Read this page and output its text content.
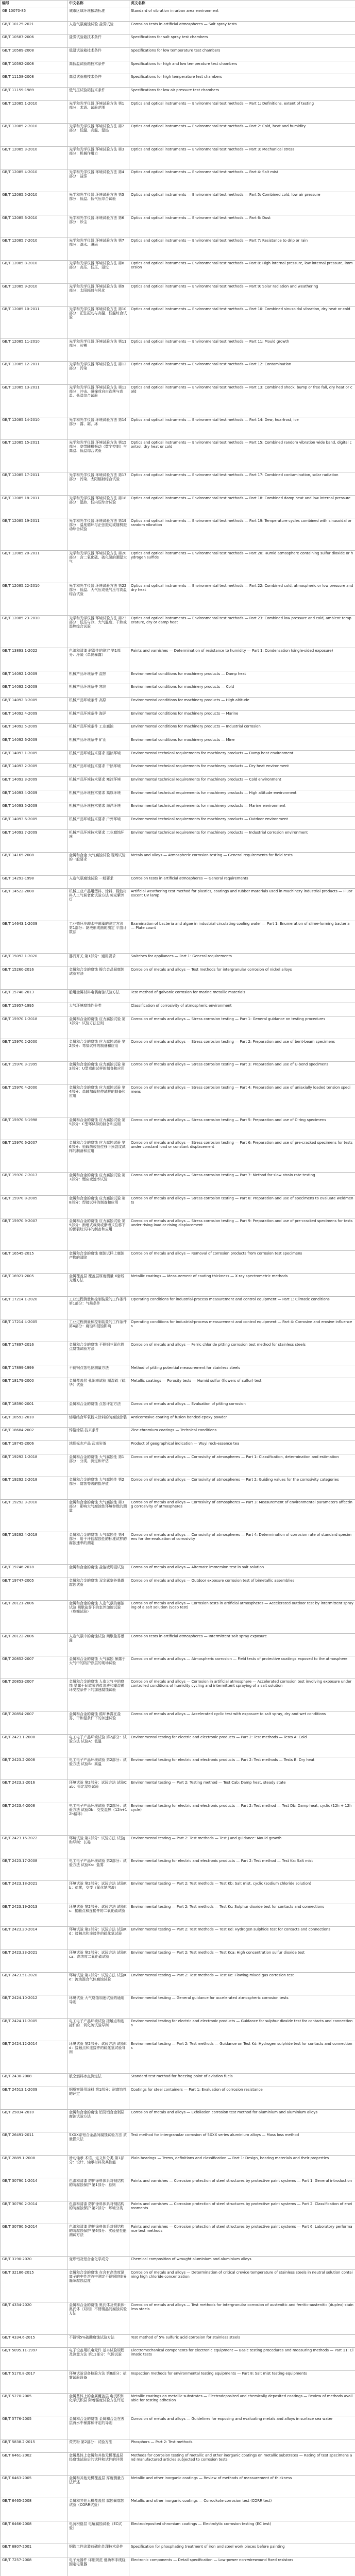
编号	中文名称	英文名称
GB 10070-85	城市区域环境振动标准	Standard of vibration in urban area environment
GB/T 10125-2021	人造气氛腐蚀试验 盐雾试验	Corrosion tests in artificial atmospheres — Salt spray tests
GB/T 10587-2006	盐雾试验箱技术条件	Specifications for salt spray test chambers
GB/T 10589-2008	低温试验箱技术条件	Specifications for low temperature test chambers
GB/T 10592-2008	高低温试验箱技术条件	Specifications for high and low temperature test chambers
GB/T 11158-2008	高温试验箱技术条件	Specifications for high temperature test chambers
GB/T 11159-1989	低气压试验箱技术条件	Specifications for low air pressure test chambers
GB/T 12085.1-2010	光学和光学仪器 环境试验方法 第1部分：术语、试验范围	Optics and optical instruments — Environmental test methods — Part 1: Definitions, extent of testing
GB/T 12085.2-2010	光学和光学仪器 环境试验方法 第2部分：低温、高温、湿热	Optics and optical instruments — Environmental test methods — Part 2: Cold, heat and humidity
GB/T 12085.3-2010	光学和光学仪器 环境试验方法 第3部分：机械作用力	Optics and optical instruments — Environmental test methods — Part 3: Mechanical stress
GB/T 12085.4-2010	光学和光学仪器 环境试验方法 第4部分：盐雾	Optics and optical instruments — Environmental test methods — Part 4: Salt mist
GB/T 12085.5-2010	光学和光学仪器 环境试验方法 第5部分：低温、低气压综合试验	Optics and optical instruments — Environmental test methods — Part 5: Combined cold, low air pressure
GB/T 12085.6-2010	光学和光学仪器 环境试验方法 第6部分：砂尘	Optics and optical instruments — Environmental test methods — Part 6: Dust
GB/T 12085.7-2010	光学和光学仪器 环境试验方法 第7部分：滴水、淋雨	Optics and optical instruments — Environmental test methods — Part 7: Resistance to drip or rain
GB/T 12085.8-2010	光学和光学仪器 环境试验方法 第8部分：高压、低压、浸没	Optics and optical instruments — Environmental test methods — Part 8: High internal pressure, low internal pressure, immersion
GB/T 12085.9-2010	光学和光学仪器 环境试验方法 第9部分：太阳辐射与风化	Optics and optical instruments — Environmental test methods — Part 9: Solar radiation and weathering
GB/T 12085.10-2011	光学和光学仪器 环境试验方法 第10部分：正弦振动与高温、低温综合试验	Optics and optical instruments — Environmental test methods — Part 10: Combined sinusoidal vibration, dry heat or cold
GB/T 12085.11-2010	光学和光学仪器 环境试验方法 第11部分：长霉	Optics and optical instruments — Environmental test methods — Part 11: Mould growth
GB/T 12085.12-2011	光学和光学仪器 环境试验方法 第12部分：污染	Optics and optical instruments — Environmental test methods — Part 12: Contamination
GB/T 12085.13-2011	光学和光学仪器 环境试验方法 第13部分：冲击、碰撞或自由跌落与高温、低温综合试验	Optics and optical instruments — Environmental test methods — Part 13: Combined shock, bump or free fall, dry heat or cold
GB/T 12085.14-2010	光学和光学仪器 环境试验方法 第14部分：露、霜、冰	Optics and optical instruments — Environmental test methods — Part 14: Dew, hoarfrost, ice
GB/T 12085.15-2011	光学和光学仪器 环境试验方法 第15部分：宽带随机振动（数字控制）与高温、低温综合试验	Optics and optical instruments — Environmental test methods — Part 15: Combined random vibration wide band, digital control, dry heat or cold
GB/T 12085.17-2011	光学和光学仪器 环境试验方法 第17部分：污染、太阳辐射综合试验	Optics and optical instruments — Environmental test methods — Part 17: Combined contamination, solar radiation
GB/T 12085.18-2011	光学和光学仪器 环境试验方法 第18部分：湿热、低内压综合试验	Optics and optical instruments — Environmental test methods — Part 18: Combined damp heat and low internal pressure
GB/T 12085.19-2011	光学和光学仪器 环境试验方法 第19部分：温度循环与正弦振动或随机振动综合试验	Optics and optical instruments — Environmental test methods — Part 19: Temperature cycles combined with sinusoidal or random vibration
GB/T 12085.20-2011	光学和光学仪器 环境试验方法 第20部分：含二氧化硫、硫化氢的潮湿大气	Optics and optical instruments — Environmental test methods — Part 20: Humid atmosphere containing sulfur dioxide or hydrogen sulfide
GB/T 12085.22-2010	光学和光学仪器 环境试验方法 第22部分：低温、大气压或低气压与高温综合试验	Optics and optical instruments — Environmental test methods — Part 22: Combined cold, atmospheric or low pressure and dry heat
GB/T 12085.23-2010	光学和光学仪器 环境试验方法 第23部分：低压与冷、大气温度、干热或湿热综合试验	Optics and optical instruments — Environmental test methods — Part 23: Combined low pressure and cold, ambient temperature, dry or damp heat
GB/T 13893.1-2022	色漆和清漆 耐湿性的测定 第1部分：冷凝（单侧暴露）	Paints and varnishes — Determination of resistance to humidity — Part 1: Condensation (single-sided exposure)
GB/T 14092.1-2009	机械产品环境条件 湿热	Environmental conditions for machinery products — Damp heat
GB/T 14092.2-2009	机械产品环境条件 寒冷	Environmental conditions for machinery products — Cold
GB/T 14092.3-2009	机械产品环境条件 高原	Environmental conditions for machinery products — High altitude
GB/T 14092.4-2009	机械产品环境条件 海洋	Environmental conditions for machinery products — Marine
GB/T 14092.5-2009	机械产品环境条件 工业腐蚀	Environmental conditions for machinery products — Industrial corrosion
GB/T 14092.6-2009	机械产品环境条件 矿山	Environmental conditions for machinery products — Mine
GB/T 14093.1-2009	机械产品环境技术要求 湿热环境	Environmental technical requirements for machinery products — Damp heat environment
GB/T 14093.2-2009	机械产品环境技术要求 干热环境	Environmental technical requirements for machinery products — Dry heat environment
GB/T 14093.3-2009	机械产品环境技术要求 寒冷环境	Environmental technical requirements for machinery products — Cold environment
GB/T 14093.4-2009	机械产品环境技术要求 高原环境	Environmental technical requirements for machinery products — High altitude environment
GB/T 14093.5-2009	机械产品环境技术要求 海洋环境	Environmental technical requirements for machinery products — Marine environment
GB/T 14093.6-2009	机械产品环境技术要求 户外环境	Environmental technical requirements for machinery products — Outdoor environment
GB/T 14093.7-2009	机械产品环境技术要求 工业腐蚀环境	Environmental technical requirements for machinery products — Industrial corrosion environment
GB/T 14165-2008	金属和合金 大气腐蚀试验 现场试验的一般要求	Metals and alloys — Atmospheric corrosion testing — General requirements for field tests
GB/T 14293-1998	人造气氛腐蚀试验 一般要求	Corrosion tests in artificial atmospheres — General requirements
GB/T 14522-2008	机械工业产品用塑料、涂料、橡胶材料人工气候老化试验方法 荧光紫外灯	Artificial weathering test method for plastics, coatings and rubber materials used in machinery industrial products — Fluorescent UV lamp
GB/T 14643.1-2009	工业循环冷却水中菌藻的测定方法 第1部分：黏液形成菌的测定 平皿计数法	Examination of bacteria and algae in industrial circulating cooling water — Part 1: Enumeration of slime-forming bacteria — Plate count
GB/T 15092.1-2020	器具开关 第1部分：通用要求	Switches for appliances — Part 1: General requirements
GB/T 15260-2016	金属和合金的腐蚀 镍合金晶间腐蚀试验方法	Corrosion of metals and alloys — Test methods for intergranular corrosion of nickel alloys
GB/T 15748-2013	船用金属材料电偶腐蚀试验方法	Test method of galvanic corrosion for marine metallic materials
GB/T 15957-1995	大气环境腐蚀性分类	Classification of corrosivity of atmospheric environment
GB/T 15970.1-2018	金属和合金的腐蚀 应力腐蚀试验 第1部分：试验方法总则	Corrosion of metals and alloys — Stress corrosion testing — Part 1: General guidance on testing procedures
GB/T 15970.2-2000	金属和合金的腐蚀 应力腐蚀试验 第2部分：弯梁试样的制备和应用	Corrosion of metals and alloys — Stress corrosion testing — Part 2: Preparation and use of bent-beam specimens
GB/T 15970.3-1995	金属和合金的腐蚀 应力腐蚀试验 第3部分：U型弯曲试样的制备和应用	Corrosion of metals and alloys — Stress corrosion testing — Part 3: Preparation and use of U-bend specimens
GB/T 15970.4-2000	金属和合金的腐蚀 应力腐蚀试验 第4部分：单轴加载拉伸试样的制备和应用	Corrosion of metals and alloys — Stress corrosion testing — Part 4: Preparation and use of uniaxially loaded tension specimens
GB/T 15970.5-1998	金属和合金的腐蚀 应力腐蚀试验 第5部分：C型环试样的制备和应用	Corrosion of metals and alloys — Stress corrosion testing — Part 5: Preparation and use of C-ring specimens
GB/T 15970.6-2007	金属和合金的腐蚀 应力腐蚀试验 第6部分：恒载荷或恒位移下预裂纹试样的制备和应用	Corrosion of metals and alloys — Stress corrosion testing — Part 6: Preparation and use of pre-cracked specimens for tests under constant load or constant displacement
GB/T 15970.7-2017	金属和合金的腐蚀 应力腐蚀试验 第7部分：慢应变速率试验	Corrosion of metals and alloys — Stress corrosion testing — Part 7: Method for slow strain rate testing
GB/T 15970.8-2005	金属和合金的腐蚀 应力腐蚀试验 第8部分：焊接试样的制备和应用	Corrosion of metals and alloys — Stress corrosion testing — Part 8: Preparation and use of specimens to evaluate weldments
GB/T 15970.9-2007	金属和合金的腐蚀 应力腐蚀试验 第9部分：渐增式载荷或渐增式位移下的预裂纹试样的制备和应用	Corrosion of metals and alloys — Stress corrosion testing — Part 9: Preparation and use of pre-cracked specimens for tests under rising load or rising displacement
GB/T 16545-2015	金属和合金的腐蚀 腐蚀试样上腐蚀产物的清除	Corrosion of metals and alloys — Removal of corrosion products from corrosion test specimens
GB/T 16921-2005	金属覆盖层 覆盖层厚度测量 X射线光谱方法	Metallic coatings — Measurement of coating thickness — X-ray spectrometric methods
GB/T 17214.1-2020	工业过程测量和控制装置的工作条件 第1部分：气候条件	Operating conditions for industrial-process measurement and control equipment — Part 1: Climatic conditions
GB/T 17214.4-2005	工业过程测量和控制装置的工作条件 第4部分：腐蚀和侵蚀影响	Operating conditions for industrial-process measurement and control equipment — Part 4: Corrosive and erosive influences
GB/T 17897-2016	金属和合金的腐蚀 不锈钢三氯化铁点腐蚀试验方法	Corrosion of metals and alloys — Ferric chloride pitting corrosion test method for stainless steels
GB/T 17899-1999	不锈钢点蚀电位测量方法	Method of pitting potential measurement for stainless steels
GB/T 18179-2000	金属覆盖层 孔隙率试验 潮湿硫（硫华）试验	Metallic coatings — Porosity tests — Humid sulfur (flowers of sulfur) test
GB/T 18590-2001	金属和合金的腐蚀 点蚀评定方法	Corrosion of metals and alloys — Evaluation of pitting corrosion
GB/T 18593-2010	熔融结合环氧粉末涂料的防腐蚀涂装	Anticorrosive coating of fusion bonded epoxy powder
GB/T 18684-2002	锌铬涂层 技术条件	Zinc chromium coatings — Technical conditions
GB/T 18745-2006	地理标志产品 武夷岩茶	Product of geographical indication — Wuyi rock-essence tea
GB/T 19292.1-2018	金属和合金的腐蚀 大气腐蚀性 第1部分：分类、测定和评估	Corrosion of metals and alloys — Corrosivity of atmospheres — Part 1: Classification, determination and estimation
GB/T 19292.2-2018	金属和合金的腐蚀 大气腐蚀性 第2部分：腐蚀等级的指导值	Corrosion of metals and alloys — Corrosivity of atmospheres — Part 2: Guiding values for the corrosivity categories
GB/T 19292.3-2018	金属和合金的腐蚀 大气腐蚀性 第3部分：影响大气腐蚀性环境参数的测量	Corrosion of metals and alloys — Corrosivity of atmospheres — Part 3: Measurement of environmental parameters affecting corrosivity of atmospheres
GB/T 19292.4-2018	金属和合金的腐蚀 大气腐蚀性 第4部分：用于评估腐蚀性的标准试样的腐蚀速率的测定	Corrosion of metals and alloys — Corrosivity of atmospheres — Part 4: Determination of corrosion rate of standard specimens for the evaluation of corrosivity
GB/T 19746-2018	金属和合金的腐蚀 盐溶液周浸试验	Corrosion of metals and alloys — Alternate immersion test in salt solution
GB/T 19747-2005	金属和合金的腐蚀 双金属室外暴露腐蚀试验	Corrosion of metals and alloys — Outdoor exposure corrosion test of bimetallic assemblies
GB/T 20121-2006	金属和合金的腐蚀 人造气氛的腐蚀试验 间歇盐雾下的室外加速试验（疮痂试验）	Corrosion of metals and alloys — Corrosion tests in artificial atmospheres — Accelerated outdoor test by intermittent spraying of a salt solution (Scab test)
GB/T 20122-2006	人造气氛中的腐蚀试验 间歇盐雾暴露	Corrosion tests in artificial atmospheres — Intermittent salt spray exposure
GB/T 20852-2007	金属和合金的腐蚀 大气腐蚀 暴露于大气中的防护涂层的现场试验	Corrosion of metals and alloys — Atmospheric corrosion — Field tests of protective coatings exposed to the atmosphere
GB/T 20853-2007	金属和合金的腐蚀 人造大气中的腐蚀 暴露于间歇喷洒盐溶液和潮湿循环受控条件下的加速腐蚀试验	Corrosion of metals and alloys — Corrosion in artificial atmosphere — Accelerated corrosion test involving exposure under controlled conditions of humidity cycling and intermittent spraying of a salt solution
GB/T 20854-2007	金属和合金的腐蚀 循环暴露在盐雾、干和湿条件下的加速试验	Corrosion of metals and alloys — Accelerated cyclic test with exposure to salt spray, dry and wet conditions
GB/T 2423.1-2008	电工电子产品环境试验 第2部分：试验方法 试验A：低温	Environmental testing for electric and electronic products — Part 2: Test methods — Tests A: Cold
GB/T 2423.2-2008	电工电子产品环境试验 第2部分：试验方法 试验B：高温	Environmental testing for electric and electronic products — Part 2: Test methods — Tests B: Dry heat
GB/T 2423.3-2016	环境试验 第2部分：试验方法 试验Cab：恒定湿热试验	Environmental testing — Part 2: Testing method — Test Cab: Damp heat, steady state
GB/T 2423.4-2008	电工电子产品环境试验 第2部分：试验方法 试验Db：交变湿热（12h+12h循环）	Environmental testing for electric and electronic products — Part 2: Test method — Test Db: Damp heat, cyclic (12h + 12h cycle)
GB/T 2423.16-2022	环境试验 第2部分：试验方法 试验J和导则：长霉	Environmental testing — Part 2: Test methods — Test J and guidance: Mould growth
GB/T 2423.17-2008	电工电子产品环境试验 第2部分：试验方法 试验Ka：盐雾	Environmental testing for electric and electronic products — Part 2: Test method — Test Ka: Salt mist
GB/T 2423.18-2021	环境试验 第2部分：试验方法 试验Kb：盐雾，交变（氯化钠溶液）	Environmental testing — Part 2: Test methods — Test Kb: Salt mist, cyclic (sodium chloride solution)
GB/T 2423.19-2013	环境试验 第2部分：试验方法 试验Kc：接触点和连接件的二氧化硫试验	Environmental testing — Part 2: Test methods — Test Kc: Sulphur dioxide test for contacts and connections
GB/T 2423.20-2014	环境试验 第2部分：试验方法 试验Kd：接触点和连接件的硫化氢试验	Environmental testing — Part 2: Test methods — Test Kd: Hydrogen sulphide test for contacts and connections
GB/T 2423.33-2021	环境试验 第2部分：试验方法 试验Kca：高浓度二氧化硫试验	Environmental testing — Part 2: Test methods — Test Kca: High concentration sulfur dioxide test
GB/T 2423.51-2020	环境试验 第2部分：试验方法 试验Ke：流动混合气体腐蚀试验	Environmental testing — Part 2: Test methods — Test Ke: Flowing mixed gas corrosion test
GB/T 2424.10-2012	环境试验 大气腐蚀加速试验的通用导则	Environmental testing — General guidance for accelerated atmospheric corrosion tests
GB/T 2424.11-2005	电工电子产品环境试验 接触点和连接件的二氧化硫试验导则	Environmental testing for electric and electronic products — Guidance for sulphur dioxide test for contacts and connections
GB/T 2424.12-2014	环境试验 第2部分：试验方法 试验Kd：接触点和连接件的硫化氢试验导则	Environmental testing — Part 2: Test methods — Guidance on Test Kd: Hydrogen sulphide test for contacts and connections
GB/T 2430-2008	航空燃料冰点测定法	Standard test method for freezing point of aviation fuels
GB/T 24513.1-2009	钢质容器用涂料 第1部分：耐腐蚀性的评定	Coatings for steel containers — Part 1: Evaluation of corrosion resistance
GB/T 25834-2010	金属和合金的腐蚀 铝及铝合金剥层腐蚀试验方法	Corrosion of metals and alloys — Exfoliation corrosion test method for aluminium and aluminium alloys
GB/T 26491-2011	5XXX系铝合金晶间腐蚀试验方法 质量损失法	Test method for intergranular corrosion of 5XXX series aluminium alloys — Mass loss method
GB/T 2889.1-2008	滑动轴承 术语、定义和分类 第1部分：设计、轴承材料及其性能	Plain bearings — Terms, definitions and classification — Part 1: Design, bearing materials and their properties
GB/T 30790.1-2014	色漆和清漆 防护涂料体系对钢结构的防腐蚀保护 第1部分：总则	Paints and varnishes — Corrosion protection of steel structures by protective paint systems — Part 1: General introduction
GB/T 30790.2-2014	色漆和清漆 防护涂料体系对钢结构的防腐蚀保护 第2部分：环境分类	Paints and varnishes — Corrosion protection of steel structures by protective paint systems — Part 2: Classification of environments
GB/T 30790.6-2014	色漆和清漆 防护涂料体系对钢结构的防腐蚀保护 第6部分：实验室性能测试方法	Paints and varnishes — Corrosion protection of steel structures by protective paint systems — Part 6: Laboratory performance test methods
GB/T 3190-2020	变形铝及铝合金化学成分	Chemical composition of wrought aluminium and aluminium alloys
GB/T 32186-2015	金属和合金的腐蚀 在含有高浓度氯离子的中性溶液中测定不锈钢的临界缝隙腐蚀温度	Corrosion of metals and alloys — Determination of critical crevice temperature of stainless steels in neutral solution containing high chloride concentration
GB/T 4334-2020	金属和合金的腐蚀 奥氏体及铁素体-奥氏体（双相）不锈钢晶间腐蚀试验方法	Corrosion of metals and alloys — Test methods for intergranular corrosion of austenitic and ferritic-austenitic (duplex) stainless steels
GB/T 4334.6-2015	不锈钢5%硫酸腐蚀试验方法	Test method of 5% sulfuric acid corrosion for stainless steels
GB/T 5095.11-1997	电子设备用机电元件 基本试验规程及测量方法 第11部分：气候试验	Electromechanical components for electronic equipment — Basic testing procedures and measuring methods — Part 11: Climatic tests
GB/T 5170.8-2017	环境试验设备检验方法 第8部分：盐雾试验设备	Inspection methods for environmental testing equipments — Part 8: Salt mist testing equipments
GB/T 5270-2005	金属基体上的金属覆盖层 电沉积和化学沉积层 附着强度试验方法评述	Metallic coatings on metallic substrates — Electrodeposited and chemically deposited coatings — Review of methods available for testing adhesion
GB/T 5776-2005	金属和合金的腐蚀 金属和合金在表层海水中暴露和评定的导则	Corrosion of metals and alloys — Guidelines for exposing and evaluating metals and alloys in surface sea water
GB/T 5838.2-2015	荧光粉 第2部分：试验方法	Phosphors — Part 2: Test methods
GB/T 6461-2002	金属基体上金属和其他无机覆盖层 经腐蚀试验后的试样和试件的评级	Methods for corrosion testing of metallic and other inorganic coatings on metallic substrates — Rating of test specimens and manufactured articles subjected to corrosion tests
GB/T 6463-2005	金属和其他无机覆盖层 厚度测量方法评述	Metallic and other inorganic coatings — Review of methods of measurement of thickness
GB/T 6465-2008	金属和其他无机覆盖层 腐蚀膏腐蚀试验（CORR试验）	Metallic and other inorganic coatings — Corrodkote corrosion test (CORR test)
GB/T 6466-2008	电沉积铬层 电解腐蚀试验（EC试验）	Electrodeposited chromium coatings — Electrolytic corrosion testing (EC test)
GB/T 6807-2001	钢铁工件涂装前磷化处理技术条件	Specification for phosphating treatment of iron and steel work pieces before painting
GB/T 7257-2008	电子元器件 详细规范 低功率非线绕固定电阻器	Electronic components — Detail specification — Low-power non-wirewound fixed resistors
